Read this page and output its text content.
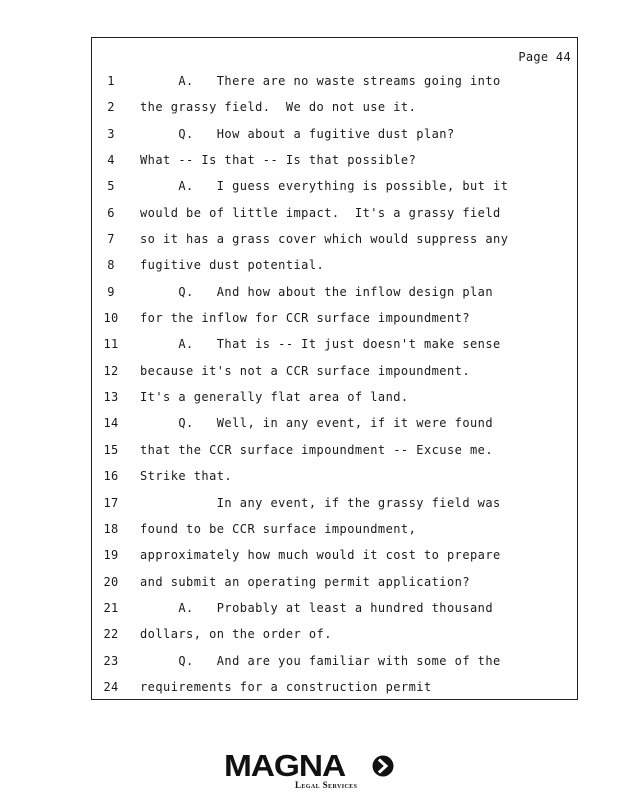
Page 44
1	A.   There are no waste streams going into
2	the grassy field.  We do not use it.
3	Q.   How about a fugitive dust plan?
4	What -- Is that -- Is that possible?
5	A.   I guess everything is possible, but it
6	would be of little impact.  It's a grassy field
7	so it has a grass cover which would suppress any
8	fugitive dust potential.
9	Q.   And how about the inflow design plan
10	for the inflow for CCR surface impoundment?
11	A.   That is -- It just doesn't make sense
12	because it's not a CCR surface impoundment.
13	It's a generally flat area of land.
14	Q.   Well, in any event, if it were found
15	that the CCR surface impoundment -- Excuse me.
16	Strike that.
17	In any event, if the grassy field was
18	found to be CCR surface impoundment,
19	approximately how much would it cost to prepare
20	and submit an operating permit application?
21	A.   Probably at least a hundred thousand
22	dollars, on the order of.
23	Q.   And are you familiar with some of the
24	requirements for a construction permit
MAGNA
Legal Services
